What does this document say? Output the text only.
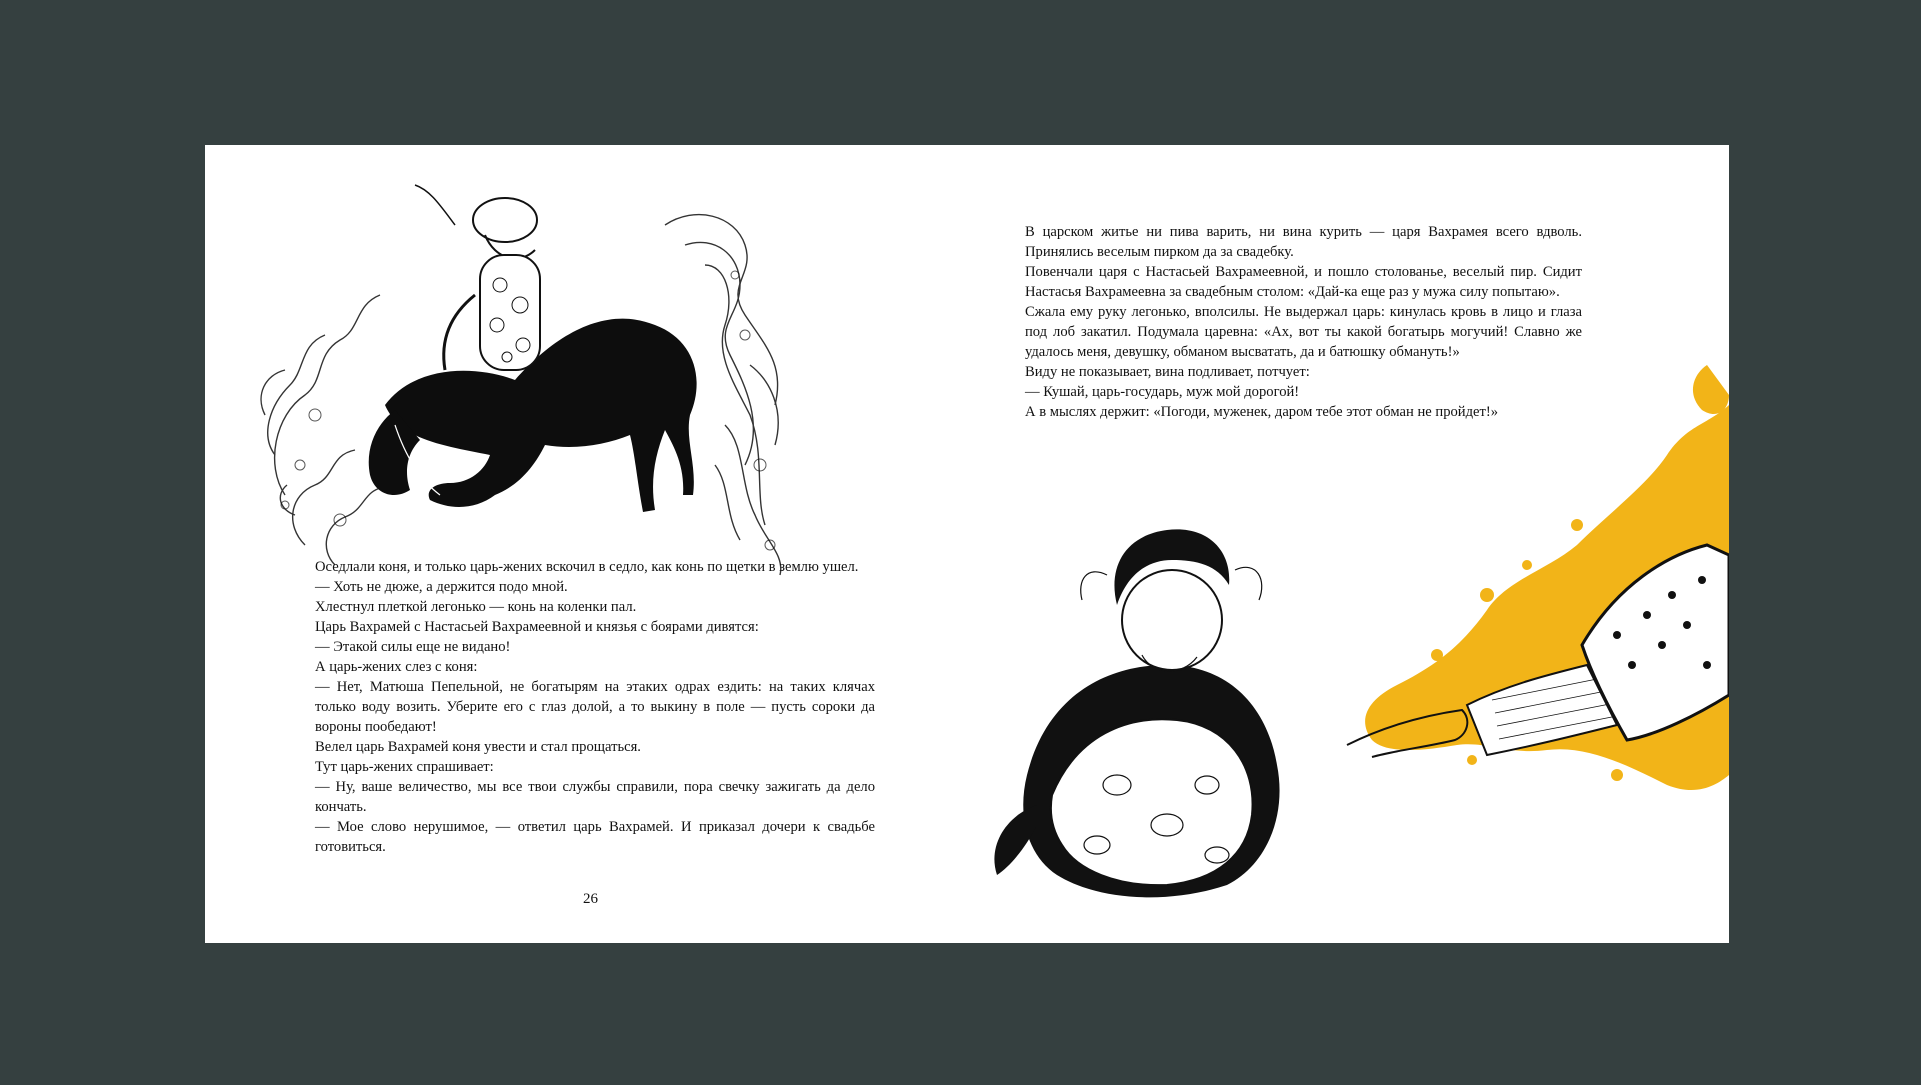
Оседлали коня, и только царь-жених вскочил в седло, как конь по щетки в землю ушел.

— Хоть не дюже, а держится подо мной.

Хлестнул плеткой легонько — конь на коленки пал.

Царь Вахрамей с Настасьей Вахрамеевной и князья с боярами дивятся:

— Этакой силы еще не видано!

А царь-жених слез с коня:

— Нет, Матюша Пепельной, не богатырям на этаких одрах ездить: на таких клячах только воду возить. Уберите его с глаз долой, а то выкину в поле — пусть сороки да вороны пообедают!

Велел царь Вахрамей коня увести и стал прощаться.

Тут царь-жених спрашивает:

— Ну, ваше величество, мы все твои службы справили, пора свечку зажигать да дело кончать.

— Мое слово нерушимое, — ответил царь Вахрамей. И приказал дочери к свадьбе готовиться.

26

В царском житье ни пива варить, ни вина курить — царя Вахрамея всего вдволь. Принялись веселым пирком да за свадебку.

Повенчали царя с Настасьей Вахрамеевной, и пошло столованье, веселый пир. Сидит Настасья Вахрамеевна за свадебным столом: «Дай-ка еще раз у мужа силу попытаю».

Сжала ему руку легонько, вполсилы. Не выдержал царь: кинулась кровь в лицо и глаза под лоб закатил. Подумала царевна: «Ах, вот ты какой богатырь могучий! Славно же удалось меня, девушку, обманом высватать, да и батюшку обмануть!»

Виду не показывает, вина подливает, потчует:

— Кушай, царь-государь, муж мой дорогой!

А в мыслях держит: «Погоди, муженек, даром тебе этот обман не пройдет!»
